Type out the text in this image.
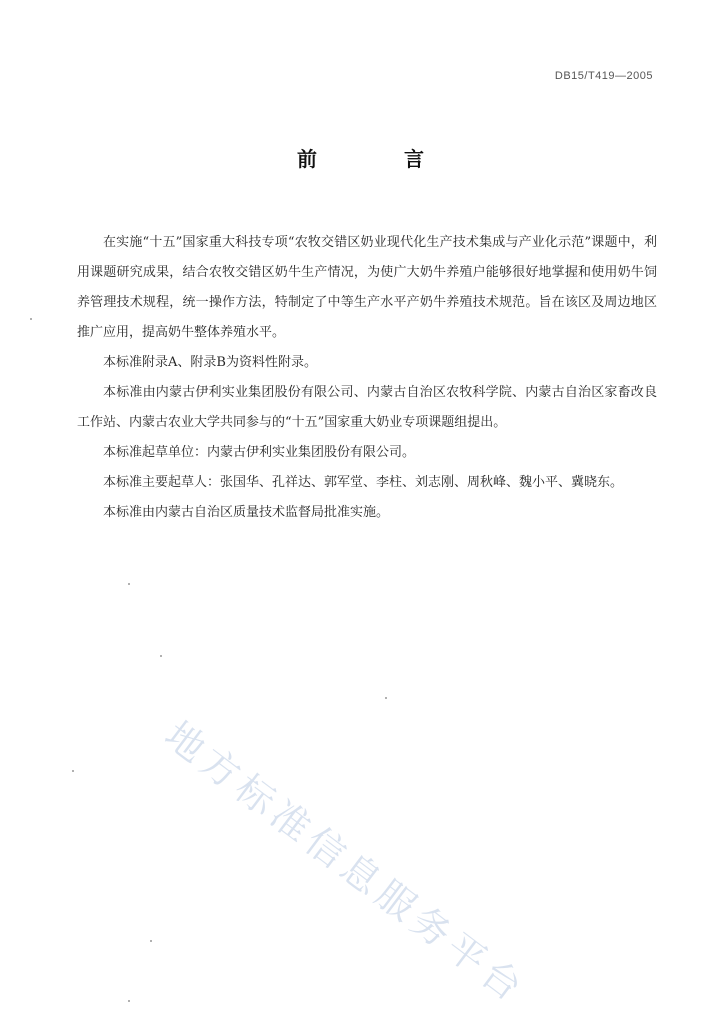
DB15/T419—2005
前 言

在实施“十五”国家重大科技专项“农牧交错区奶业现代化生产技术集成与产业化示范”课题中，利用课题研究成果，结合农牧交错区奶牛生产情况，为使广大奶牛养殖户能够很好地掌握和使用奶牛饲养管理技术规程，统一操作方法，特制定了中等生产水平产奶牛养殖技术规范。旨在该区及周边地区推广应用，提高奶牛整体养殖水平。

本标准附录A、附录B为资料性附录。

本标准由内蒙古伊利实业集团股份有限公司、内蒙古自治区农牧科学院、内蒙古自治区家畜改良工作站、内蒙古农业大学共同参与的“十五”国家重大奶业专项课题组提出。

本标准起草单位：内蒙古伊利实业集团股份有限公司。

本标准主要起草人：张国华、孔祥达、郭军堂、李柱、刘志刚、周秋峰、魏小平、冀晓东。

本标准由内蒙古自治区质量技术监督局批准实施。

地方标准信息服务平台
